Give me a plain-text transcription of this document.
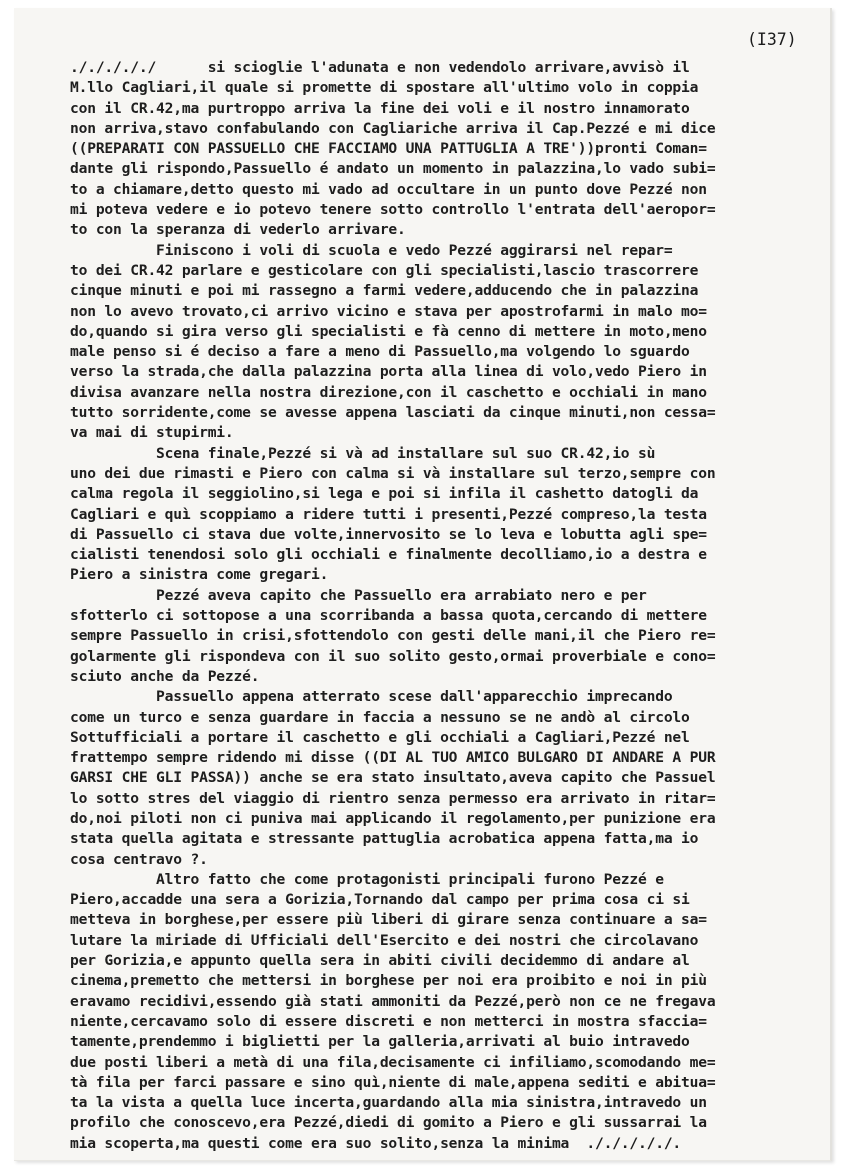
(I37)
./././././      si scioglie l'adunata e non vedendolo arrivare,avvisò il
M.llo Cagliari,il quale si promette di spostare all'ultimo volo in coppia
con il CR.42,ma purtroppo arriva la fine dei voli e il nostro innamorato
non arriva,stavo confabulando con Cagliariche arriva il Cap.Pezzé e mi dice
((PREPARATI CON PASSUELLO CHE FACCIAMO UNA PATTUGLIA A TRE'))pronti Coman=
dante gli rispondo,Passuello é andato un momento in palazzina,lo vado subi=
to a chiamare,detto questo mi vado ad occultare in un punto dove Pezzé non
mi poteva vedere e io potevo tenere sotto controllo l'entrata dell'aeropor=
to con la speranza di vederlo arrivare.
Finiscono i voli di scuola e vedo Pezzé aggirarsi nel repar=
to dei CR.42 parlare e gesticolare con gli specialisti,lascio trascorrere
cinque minuti e poi mi rassegno a farmi vedere,adducendo che in palazzina
non lo avevo trovato,ci arrivo vicino e stava per apostrofarmi in malo mo=
do,quando si gira verso gli specialisti e fà cenno di mettere in moto,meno
male penso si é deciso a fare a meno di Passuello,ma volgendo lo sguardo
verso la strada,che dalla palazzina porta alla linea di volo,vedo Piero in
divisa avanzare nella nostra direzione,con il caschetto e occhiali in mano
tutto sorridente,come se avesse appena lasciati da cinque minuti,non cessa=
va mai di stupirmi.
Scena finale,Pezzé si và ad installare sul suo CR.42,io sù
uno dei due rimasti e Piero con calma si và installare sul terzo,sempre con
calma regola il seggiolino,si lega e poi si infila il cashetto datogli da
Cagliari e quì scoppiamo a ridere tutti i presenti,Pezzé compreso,la testa
di Passuello ci stava due volte,innervosito se lo leva e lobutta agli spe=
cialisti tenendosi solo gli occhiali e finalmente decolliamo,io a destra e
Piero a sinistra come gregari.
Pezzé aveva capito che Passuello era arrabiato nero e per
sfotterlo ci sottopose a una scorribanda a bassa quota,cercando di mettere
sempre Passuello in crisi,sfottendolo con gesti delle mani,il che Piero re=
golarmente gli rispondeva con il suo solito gesto,ormai proverbiale e cono=
sciuto anche da Pezzé.
Passuello appena atterrato scese dall'apparecchio imprecando
come un turco e senza guardare in faccia a nessuno se ne andò al circolo
Sottufficiali a portare il caschetto e gli occhiali a Cagliari,Pezzé nel
frattempo sempre ridendo mi disse ((DI AL TUO AMICO BULGARO DI ANDARE A PUR
GARSI CHE GLI PASSA)) anche se era stato insultato,aveva capito che Passuel
lo sotto stres del viaggio di rientro senza permesso era arrivato in ritar=
do,noi piloti non ci puniva mai applicando il regolamento,per punizione era
stata quella agitata e stressante pattuglia acrobatica appena fatta,ma io
cosa centravo ?.
Altro fatto che come protagonisti principali furono Pezzé e
Piero,accadde una sera a Gorizia,Tornando dal campo per prima cosa ci si
metteva in borghese,per essere più liberi di girare senza continuare a sa=
lutare la miriade di Ufficiali dell'Esercito e dei nostri che circolavano
per Gorizia,e appunto quella sera in abiti civili decidemmo di andare al
cinema,premetto che mettersi in borghese per noi era proibito e noi in più
eravamo recidivi,essendo già stati ammoniti da Pezzé,però non ce ne fregava
niente,cercavamo solo di essere discreti e non metterci in mostra sfaccia=
tamente,prendemmo i biglietti per la galleria,arrivati al buio intravedo
due posti liberi a metà di una fila,decisamente ci infiliamo,scomodando me=
tà fila per farci passare e sino quì,niente di male,appena sediti e abitua=
ta la vista a quella luce incerta,guardando alla mia sinistra,intravedo un
profilo che conoscevo,era Pezzé,diedi di gomito a Piero e gli sussarrai la
mia scoperta,ma questi come era suo solito,senza la minima  ./././././.
